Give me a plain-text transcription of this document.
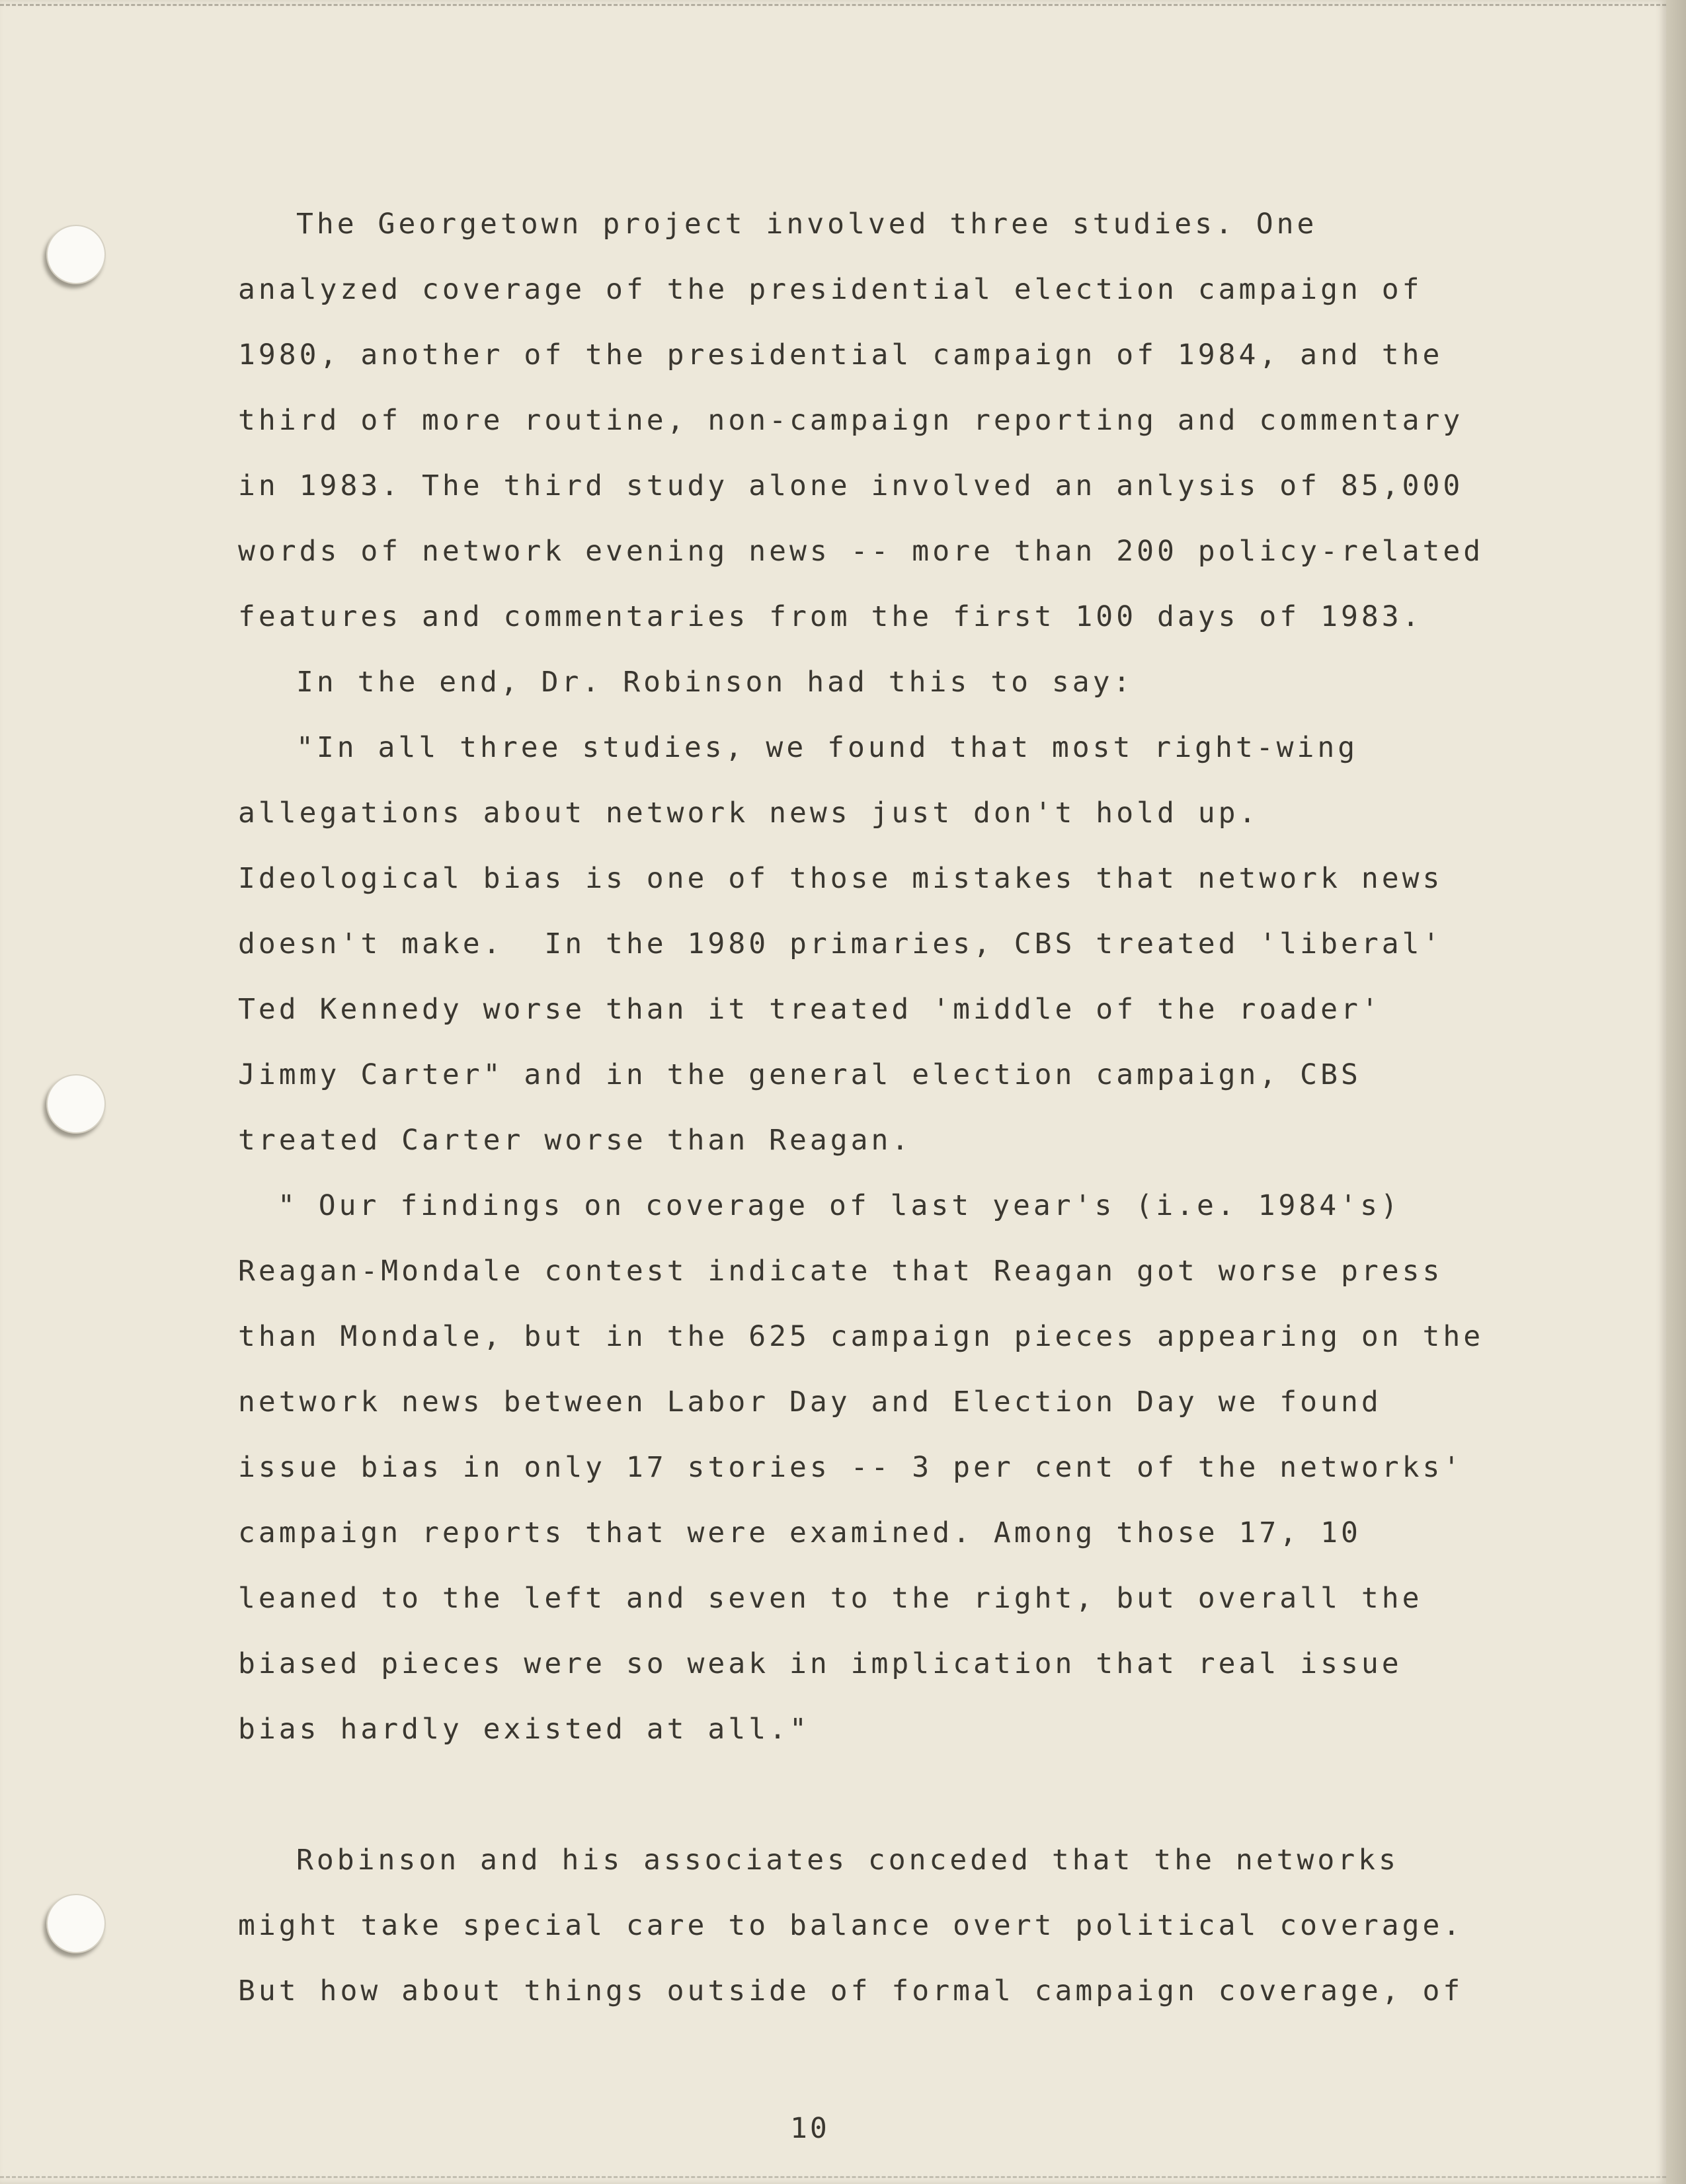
The Georgetown project involved three studies. One
analyzed coverage of the presidential election campaign of
1980, another of the presidential campaign of 1984, and the
third of more routine, non-campaign reporting and commentary
in 1983. The third study alone involved an anlysis of 85,000
words of network evening news -- more than 200 policy-related
features and commentaries from the first 100 days of 1983.
In the end, Dr. Robinson had this to say:
"In all three studies, we found that most right-wing
allegations about network news just don't hold up.
Ideological bias is one of those mistakes that network news
doesn't make.  In the 1980 primaries, CBS treated 'liberal'
Ted Kennedy worse than it treated 'middle of the roader'
Jimmy Carter" and in the general election campaign, CBS
treated Carter worse than Reagan.
" Our findings on coverage of last year's (i.e. 1984's)
Reagan-Mondale contest indicate that Reagan got worse press
than Mondale, but in the 625 campaign pieces appearing on the
network news between Labor Day and Election Day we found
issue bias in only 17 stories -- 3 per cent of the networks'
campaign reports that were examined. Among those 17, 10
leaned to the left and seven to the right, but overall the
biased pieces were so weak in implication that real issue
bias hardly existed at all."
Robinson and his associates conceded that the networks
might take special care to balance overt political coverage.
But how about things outside of formal campaign coverage, of
10
